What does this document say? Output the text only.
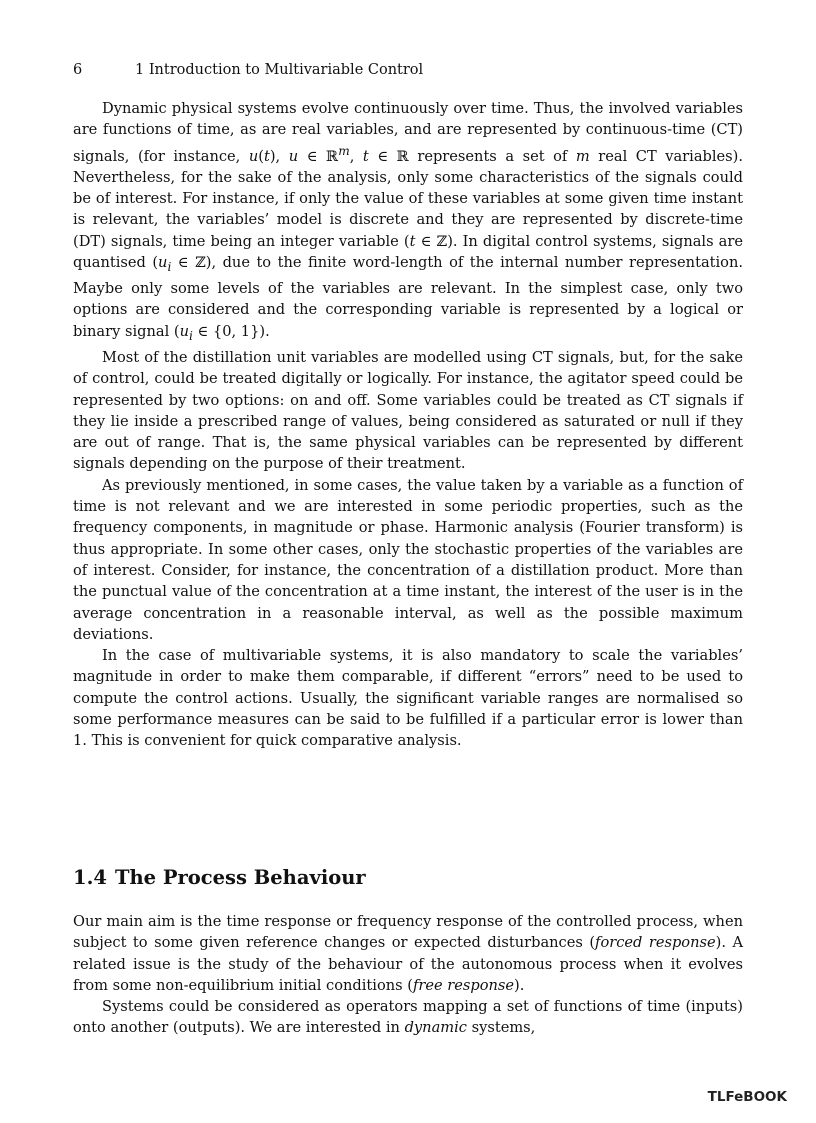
6	1 Introduction to Multivariable Control

Dynamic physical systems evolve continuously over time. Thus, the involved variables are functions of time, as are real variables, and are represented by continuous-time (CT) signals, (for instance, u(t), u ∈ ℝ$^m$, t ∈ ℝ represents a set of m real CT variables). Nevertheless, for the sake of the analysis, only some characteristics of the signals could be of interest. For instance, if only the value of these variables at some given time instant is relevant, the variables’ model is discrete and they are represented by discrete-time (DT) signals, time being an integer variable (t ∈ ℤ). In digital control systems, signals are quantised ($u_i$ ∈ ℤ), due to the finite word-length of the internal number representation. Maybe only some levels of the variables are relevant. In the simplest case, only two options are considered and the corresponding variable is represented by a logical or binary signal ($u_i$ ∈ {0, 1}).

Most of the distillation unit variables are modelled using CT signals, but, for the sake of control, could be treated digitally or logically. For instance, the agitator speed could be represented by two options: on and off. Some variables could be treated as CT signals if they lie inside a prescribed range of values, being considered as saturated or null if they are out of range. That is, the same physical variables can be represented by different signals depending on the purpose of their treatment.

As previously mentioned, in some cases, the value taken by a variable as a function of time is not relevant and we are interested in some periodic properties, such as the frequency components, in magnitude or phase. Harmonic analysis (Fourier transform) is thus appropriate. In some other cases, only the stochastic properties of the variables are of interest. Consider, for instance, the concentration of a distillation product. More than the punctual value of the concentration at a time instant, the interest of the user is in the average concentration in a reasonable interval, as well as the possible maximum deviations.

In the case of multivariable systems, it is also mandatory to scale the variables’ magnitude in order to make them comparable, if different “errors” need to be used to compute the control actions. Usually, the significant variable ranges are normalised so some performance measures can be said to be fulfilled if a particular error is lower than 1. This is convenient for quick comparative analysis.

1.4 The Process Behaviour

Our main aim is the time response or frequency response of the controlled process, when subject to some given reference changes or expected disturbances (forced response). A related issue is the study of the behaviour of the autonomous process when it evolves from some non-equilibrium initial conditions (free response).

Systems could be considered as operators mapping a set of functions of time (inputs) onto another (outputs). We are interested in dynamic systems,

TLFeBOOK
